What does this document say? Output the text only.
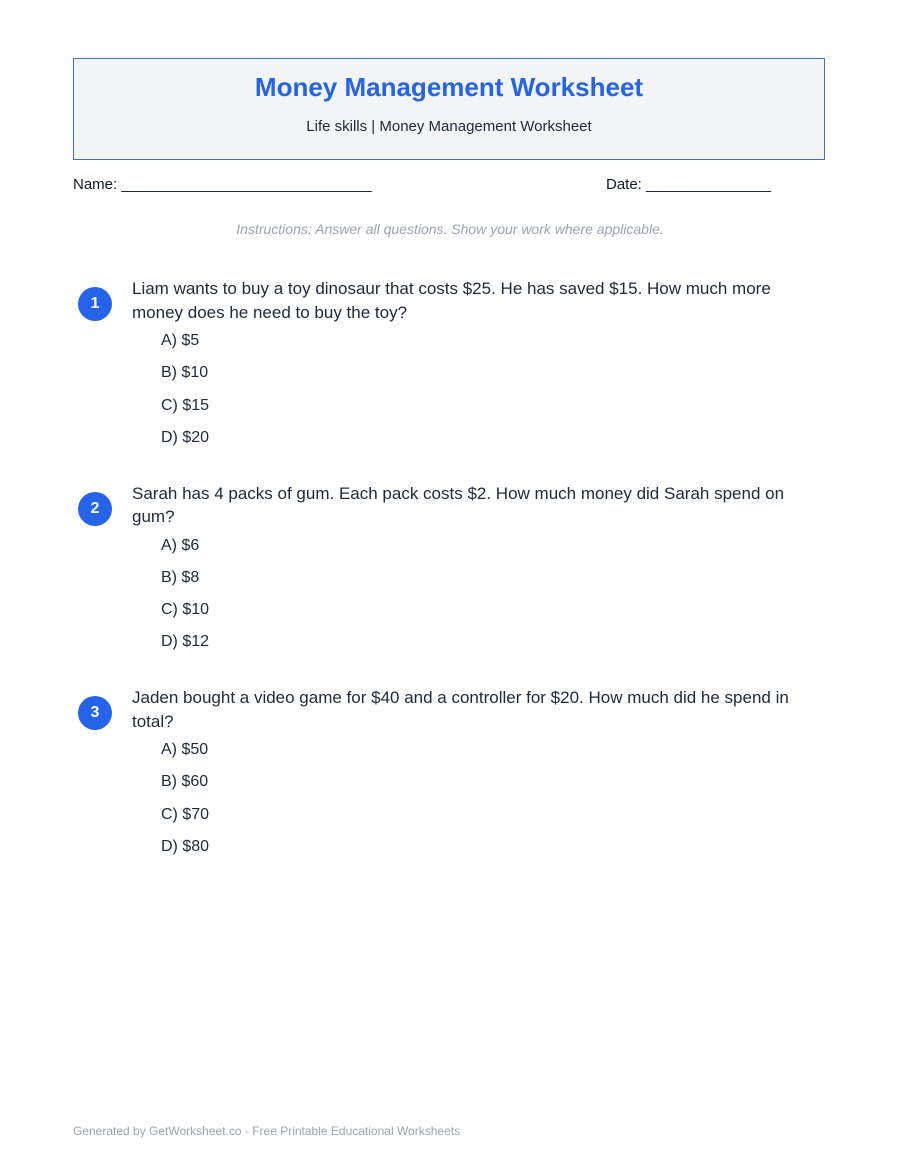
Money Management Worksheet
Life skills | Money Management Worksheet
Name: ______________________________	Date: _______________
Instructions: Answer all questions. Show your work where applicable.
1
Liam wants to buy a toy dinosaur that costs $25. He has saved $15. How much more money does he need to buy the toy?
A) $5
B) $10
C) $15
D) $20
2
Sarah has 4 packs of gum. Each pack costs $2. How much money did Sarah spend on gum?
A) $6
B) $8
C) $10
D) $12
3
Jaden bought a video game for $40 and a controller for $20. How much did he spend in total?
A) $50
B) $60
C) $70
D) $80
Generated by GetWorksheet.co - Free Printable Educational Worksheets
